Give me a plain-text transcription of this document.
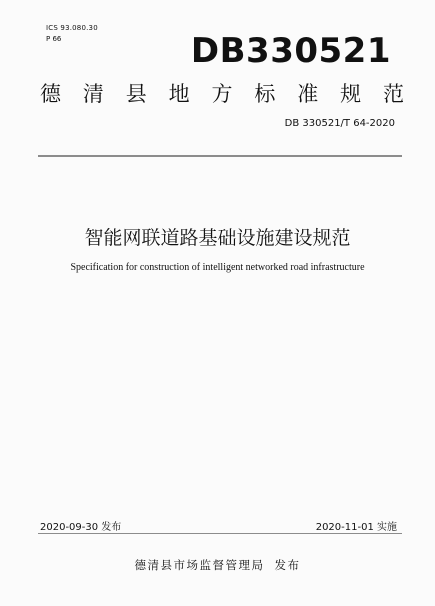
ICS 93.080.30
P 66	DB330521
德 清 县 地 方 标 准 规 范
DB 330521/T 64-2020
智能网联道路基础设施建设规范
Specification for construction of intelligent networked road infrastructure
2020-09-30 发布	2020-11-01 实施
德清县市场监督管理局 发布
